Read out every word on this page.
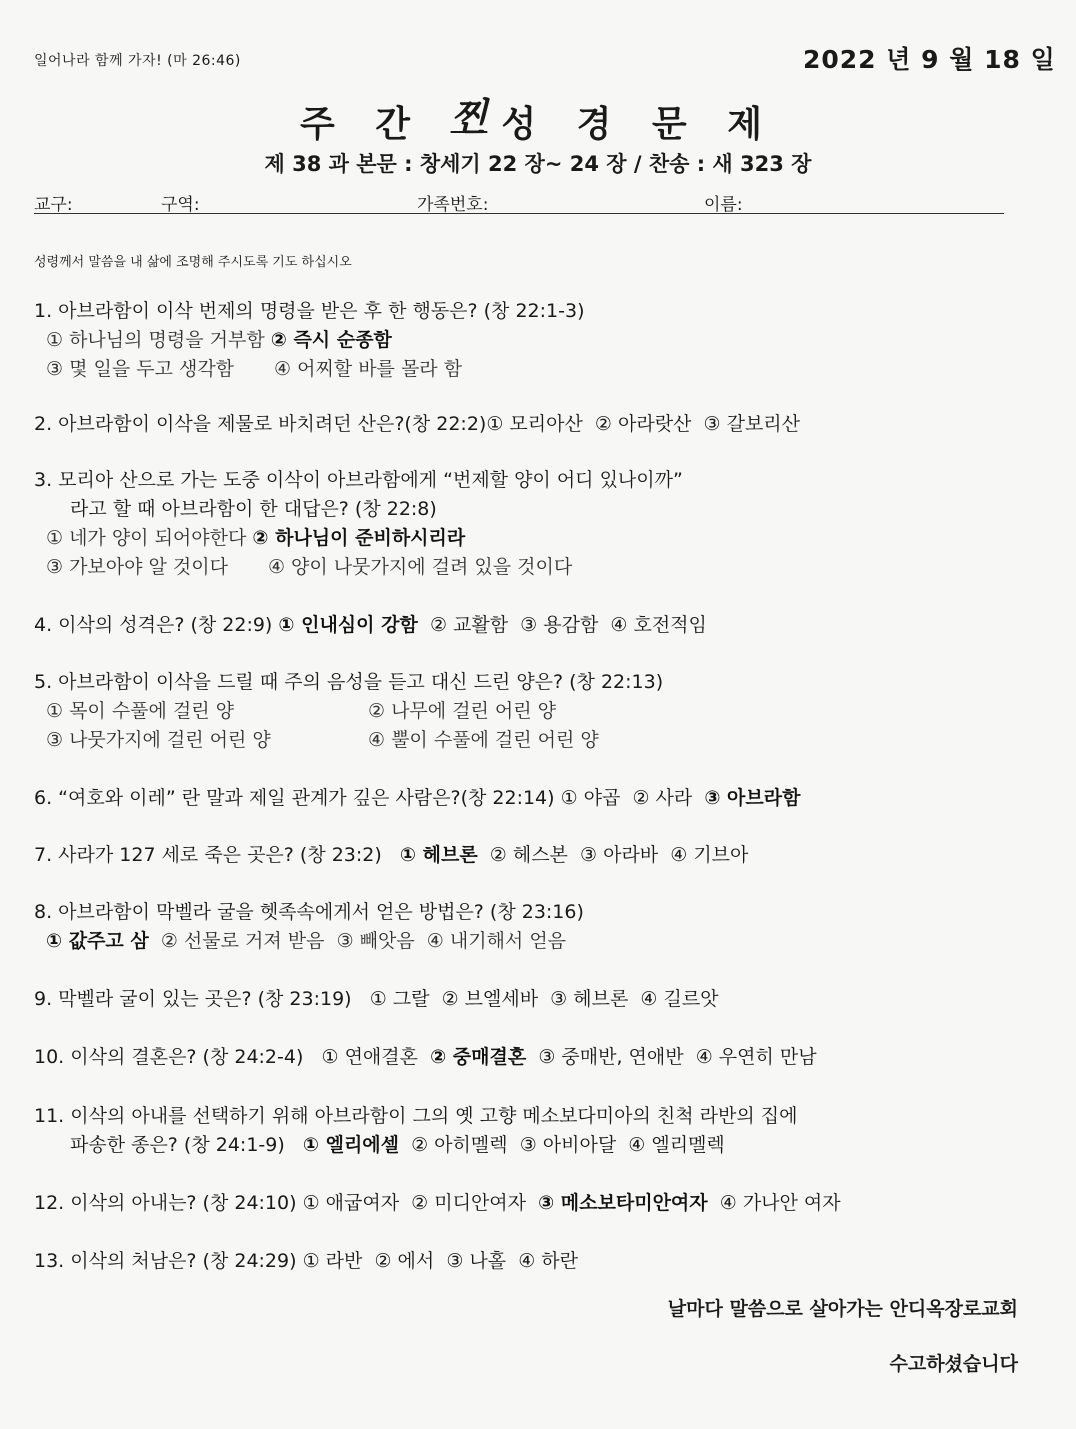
일어나라 함께 가자! (마 26:46)	2022 년 9 월 18 일
주 간 찐 성 경 문 제
제 38 과 본문 : 창세기 22 장~ 24 장 / 찬송 : 새 323 장
교구:	구역:	가족번호:	이름:
성령께서 말씀을 내 삶에 조명해 주시도록 기도 하십시오
1. 아브라함이 이삭 번제의 명령을 받은 후 한 행동은? (창 22:1-3)
① 하나님의 명령을 거부함 ② 즉시 순종함
③ 몇 일을 두고 생각함 ④ 어찌할 바를 몰라 함
2. 아브라함이 이삭을 제물로 바치려던 산은?(창 22:2)① 모리아산 ② 아라랏산 ③ 갈보리산
3. 모리아 산으로 가는 도중 이삭이 아브라함에게 “번제할 양이 어디 있나이까”
라고 할 때 아브라함이 한 대답은? (창 22:8)
① 네가 양이 되어야한다 ② 하나님이 준비하시리라
③ 가보아야 알 것이다 ④ 양이 나뭇가지에 걸려 있을 것이다
4. 이삭의 성격은? (창 22:9) ① 인내심이 강함 ② 교활함 ③ 용감함 ④ 호전적임
5. 아브라함이 이삭을 드릴 때 주의 음성을 듣고 대신 드린 양은? (창 22:13)
① 목이 수풀에 걸린 양	② 나무에 걸린 어린 양
③ 나뭇가지에 걸린 어린 양	④ 뿔이 수풀에 걸린 어린 양
6. “여호와 이레” 란 말과 제일 관계가 깊은 사람은?(창 22:14) ① 야곱 ② 사라 ③ 아브라함
7. 사라가 127 세로 죽은 곳은? (창 23:2) ① 헤브론 ② 헤스본 ③ 아라바 ④ 기브아
8. 아브라함이 막벨라 굴을 헷족속에게서 얻은 방법은? (창 23:16)
① 값주고 삼 ② 선물로 거져 받음 ③ 빼앗음 ④ 내기해서 얻음
9. 막벨라 굴이 있는 곳은? (창 23:19) ① 그랄 ② 브엘세바 ③ 헤브론 ④ 길르앗
10. 이삭의 결혼은? (창 24:2-4) ① 연애결혼 ② 중매결혼 ③ 중매반, 연애반 ④ 우연히 만남
11. 이삭의 아내를 선택하기 위해 아브라함이 그의 옛 고향 메소보다미아의 친척 라반의 집에
파송한 종은? (창 24:1-9) ① 엘리에셀 ② 아히멜렉 ③ 아비아달 ④ 엘리멜렉
12. 이삭의 아내는? (창 24:10) ① 애굽여자 ② 미디안여자 ③ 메소보타미안여자 ④ 가나안 여자
13. 이삭의 처남은? (창 24:29) ① 라반 ② 에서 ③ 나홀 ④ 하란
날마다 말씀으로 살아가는 안디옥장로교회
수고하셨습니다
